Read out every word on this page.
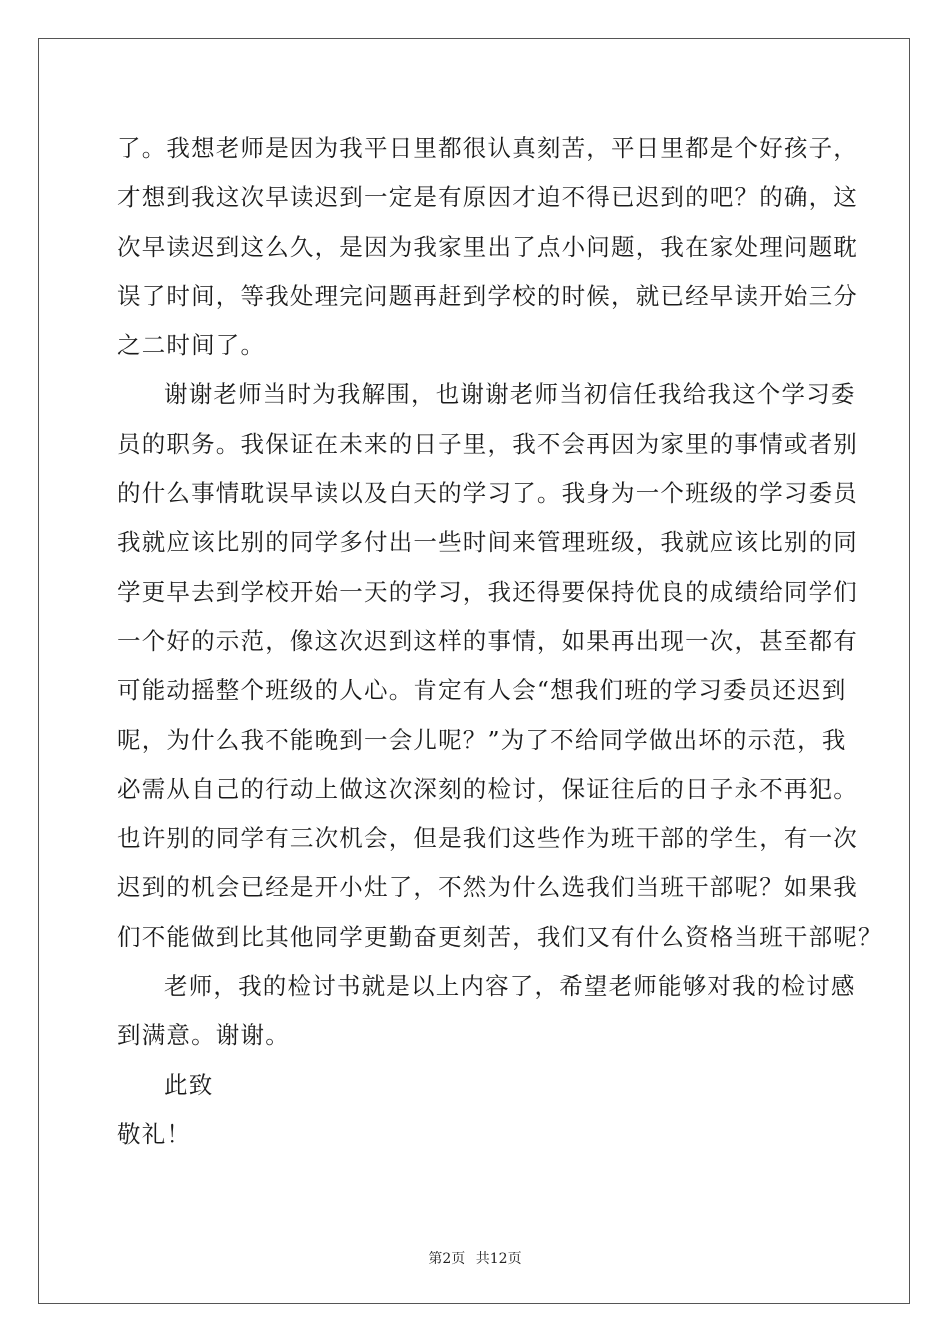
了。我想老师是因为我平日里都很认真刻苦，平日里都是个好孩子，
才想到我这次早读迟到一定是有原因才迫不得已迟到的吧？的确，这
次早读迟到这么久，是因为我家里出了点小问题，我在家处理问题耽
误了时间，等我处理完问题再赶到学校的时候，就已经早读开始三分
之二时间了。
谢谢老师当时为我解围，也谢谢老师当初信任我给我这个学习委
员的职务。我保证在未来的日子里，我不会再因为家里的事情或者别
的什么事情耽误早读以及白天的学习了。我身为一个班级的学习委员
我就应该比别的同学多付出一些时间来管理班级，我就应该比别的同
学更早去到学校开始一天的学习，我还得要保持优良的成绩给同学们
一个好的示范，像这次迟到这样的事情，如果再出现一次，甚至都有
可能动摇整个班级的人心。肯定有人会“想我们班的学习委员还迟到
呢，为什么我不能晚到一会儿呢？”为了不给同学做出坏的示范，我
必需从自己的行动上做这次深刻的检讨，保证往后的日子永不再犯。
也许别的同学有三次机会，但是我们这些作为班干部的学生，有一次
迟到的机会已经是开小灶了，不然为什么选我们当班干部呢？如果我
们不能做到比其他同学更勤奋更刻苦，我们又有什么资格当班干部呢？
老师，我的检讨书就是以上内容了，希望老师能够对我的检讨感
到满意。谢谢。
此致
敬礼！
第2页 共12页
